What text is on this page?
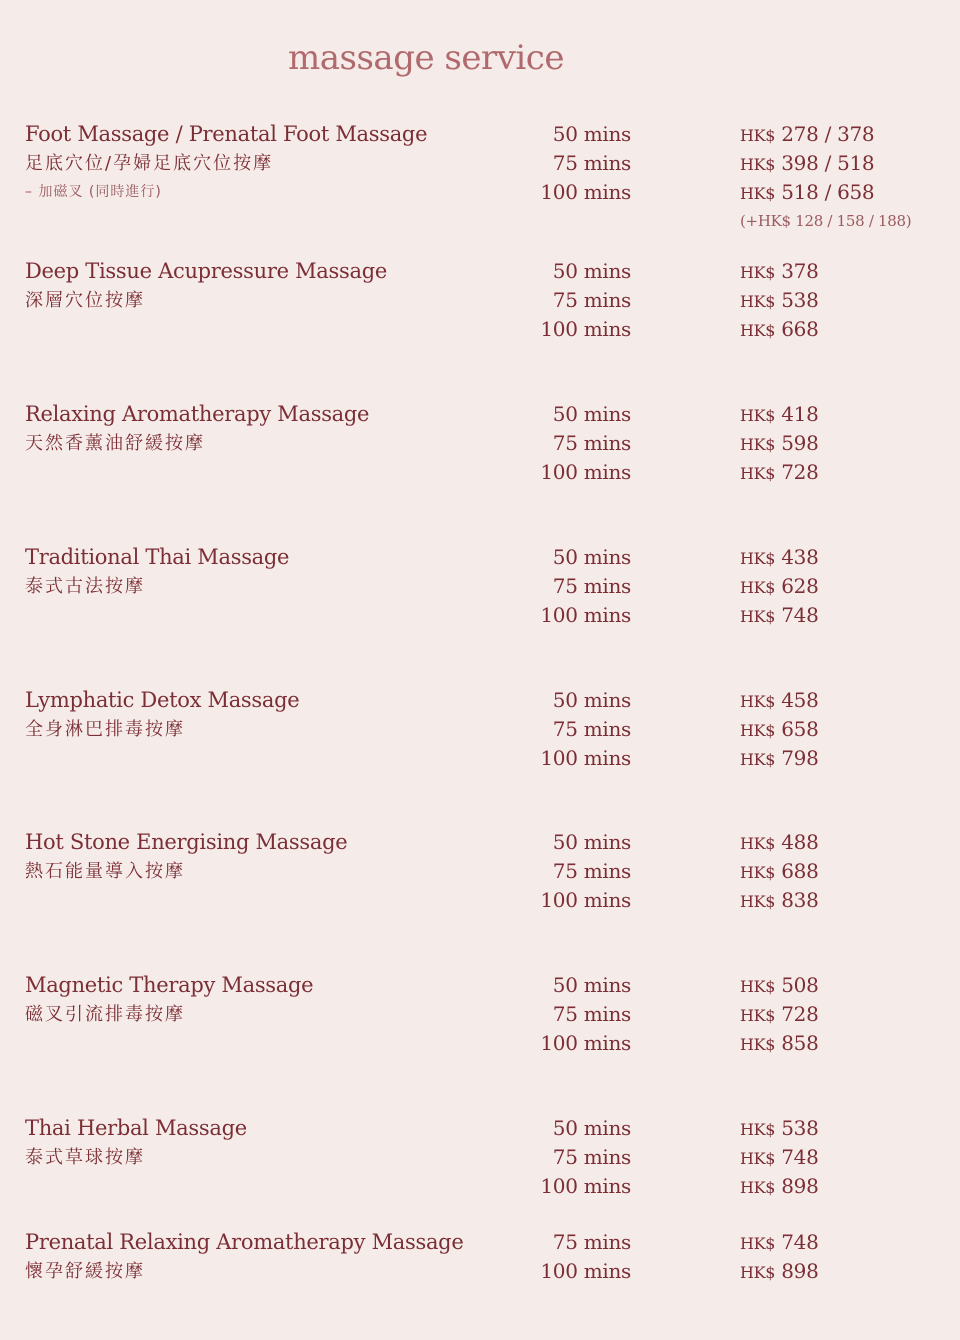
massage service
Foot Massage / Prenatal Foot Massage
足底穴位/孕婦足底穴位按摩
– 加磁叉 (同時進行)
50 mins	HK$ 278 / 378
75 mins	HK$ 398 / 518
100 mins	HK$ 518 / 658
(+HK$ 128 / 158 / 188)
Deep Tissue Acupressure Massage
深層穴位按摩
50 mins	HK$ 378
75 mins	HK$ 538
100 mins	HK$ 668
Relaxing Aromatherapy Massage
天然香薰油舒緩按摩
50 mins	HK$ 418
75 mins	HK$ 598
100 mins	HK$ 728
Traditional Thai Massage
泰式古法按摩
50 mins	HK$ 438
75 mins	HK$ 628
100 mins	HK$ 748
Lymphatic Detox Massage
全身淋巴排毒按摩
50 mins	HK$ 458
75 mins	HK$ 658
100 mins	HK$ 798
Hot Stone Energising Massage
熱石能量導入按摩
50 mins	HK$ 488
75 mins	HK$ 688
100 mins	HK$ 838
Magnetic Therapy Massage
磁叉引流排毒按摩
50 mins	HK$ 508
75 mins	HK$ 728
100 mins	HK$ 858
Thai Herbal Massage
泰式草球按摩
50 mins	HK$ 538
75 mins	HK$ 748
100 mins	HK$ 898
Prenatal Relaxing Aromatherapy Massage
懷孕舒緩按摩
75 mins	HK$ 748
100 mins	HK$ 898
